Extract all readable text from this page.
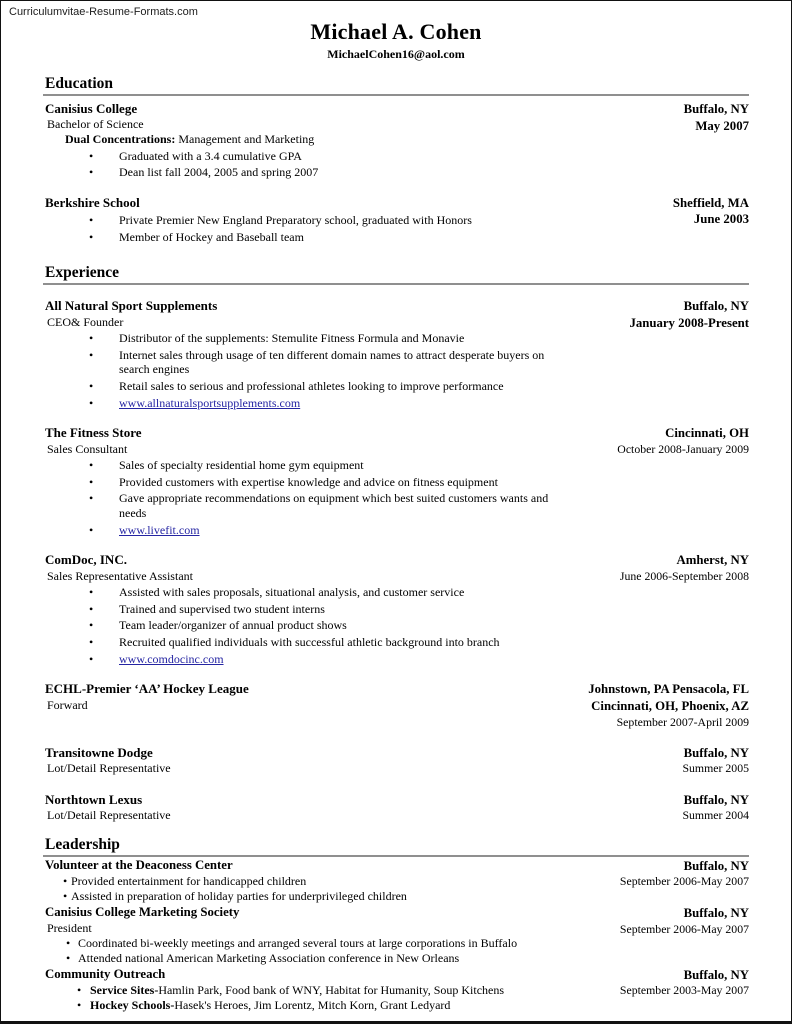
Curriculumvitae-Resume-Formats.com
Michael A. Cohen
MichaelCohen16@aol.com
Education
Canisius College
Bachelor of Science
Dual Concentrations: Management and Marketing
•	Graduated with a 3.4 cumulative GPA
•	Dean list fall 2004, 2005 and spring 2007
Buffalo, NY
May 2007
Berkshire School
•	Private Premier New England Preparatory school, graduated with Honors
•	Member of Hockey and Baseball team
Sheffield, MA
June 2003
Experience
All Natural Sport Supplements
CEO& Founder
•	Distributor of the supplements: Stemulite Fitness Formula and Monavie
•	Internet sales through usage of ten different domain names to attract desperate buyers on search engines
•	Retail sales to serious and professional athletes looking to improve performance
•	www.allnaturalsportsupplements.com
Buffalo, NY
January 2008-Present
The Fitness Store
Sales Consultant
•	Sales of specialty residential home gym equipment
•	Provided customers with expertise knowledge and advice on fitness equipment
•	Gave appropriate recommendations on equipment which best suited customers wants and needs
•	www.livefit.com
Cincinnati, OH
October 2008-January 2009
ComDoc, INC.
Sales Representative Assistant
•	Assisted with sales proposals, situational analysis, and customer service
•	Trained and supervised two student interns
•	Team leader/organizer of annual product shows
•	Recruited qualified individuals with successful athletic background into branch
•	www.comdocinc.com
Amherst, NY
June 2006-September 2008
ECHL-Premier ‘AA’ Hockey League
Forward
Johnstown, PA Pensacola, FL
Cincinnati, OH, Phoenix, AZ
September 2007-April 2009
Transitowne Dodge
Lot/Detail Representative
Buffalo, NY
Summer 2005
Northtown Lexus
Lot/Detail Representative
Buffalo, NY
Summer 2004
Leadership
Volunteer at the Deaconess Center
• Provided entertainment for handicapped children
• Assisted in preparation of holiday parties for underprivileged children
Buffalo, NY
September 2006-May 2007
Canisius College Marketing Society
President
• Coordinated bi-weekly meetings and arranged several tours at large corporations in Buffalo
• Attended national American Marketing Association conference in New Orleans
Buffalo, NY
September 2006-May 2007
Community Outreach
• Service Sites-Hamlin Park, Food bank of WNY, Habitat for Humanity, Soup Kitchens
• Hockey Schools-Hasek's Heroes, Jim Lorentz, Mitch Korn, Grant Ledyard
Buffalo, NY
September 2003-May 2007
